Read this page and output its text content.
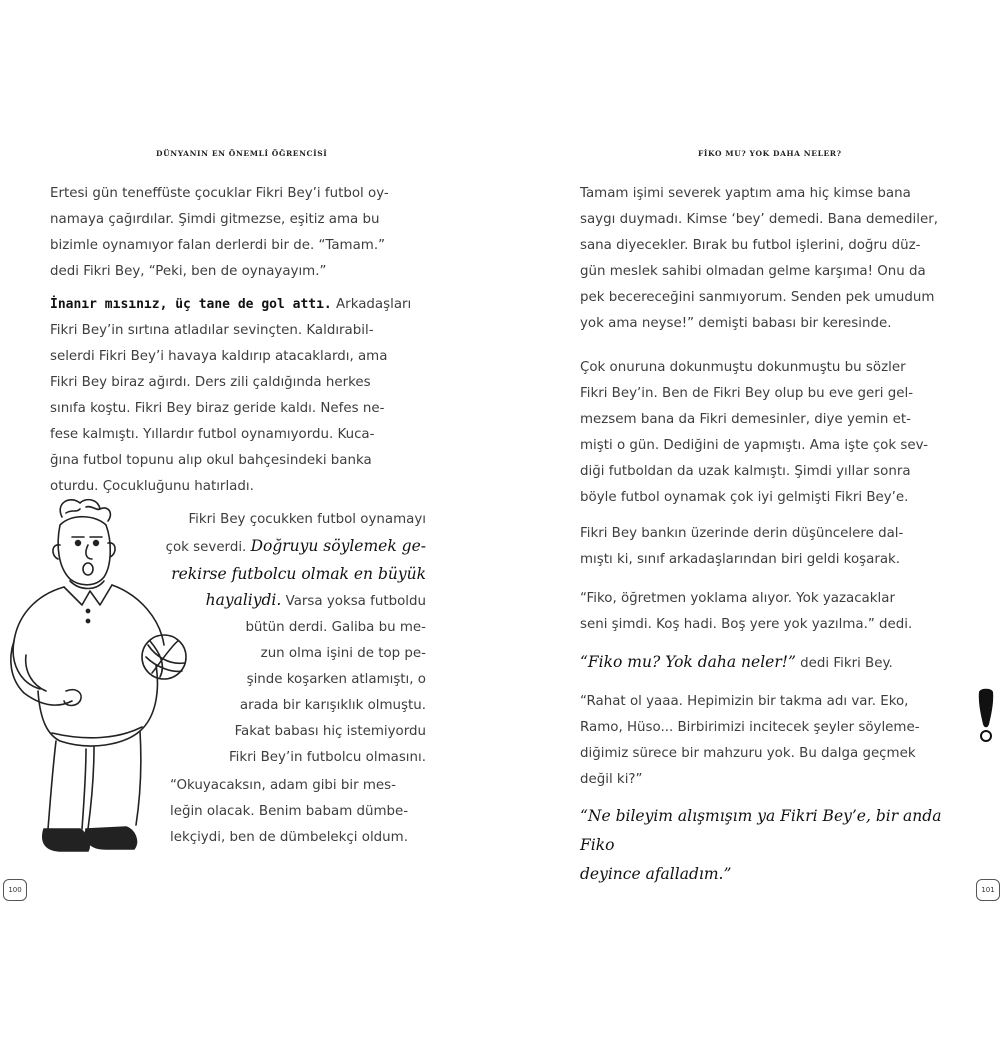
DÜNYANIN EN ÖNEMLİ ÖĞRENCİSİ

Ertesi gün teneffüste çocuklar Fikri Bey’i futbol oy-

namaya çağırdılar. Şimdi gitmezse, eşitiz ama bu

bizimle oynamıyor falan derlerdi bir de. “Tamam.”

dedi Fikri Bey, “Peki, ben de oynayayım.”

İnanır mısınız, üç tane de gol attı. Arkadaşları

Fikri Bey’in sırtına atladılar sevinçten. Kaldırabil-

selerdi Fikri Bey’i havaya kaldırıp atacaklardı, ama

Fikri Bey biraz ağırdı. Ders zili çaldığında herkes

sınıfa koştu. Fikri Bey biraz geride kaldı. Nefes ne-

fese kalmıştı. Yıllardır futbol oynamıyordu. Kuca-

ğına futbol topunu alıp okul bahçesindeki banka

oturdu. Çocukluğunu hatırladı.

Fikri Bey çocukken futbol oynamayı
çok severdi. Doğruyu söylemek ge-
rekirse futbolcu olmak en büyük
hayaliydi. Varsa yoksa futboldu
bütün derdi. Galiba bu me-
zun olma işini de top pe-
şinde koşarken atlamıştı, o
arada bir karışıklık olmuştu.
Fakat babası hiç istemiyordu
Fikri Bey’in futbolcu olmasını.

“Okuyacaksın, adam gibi bir mes-

leğin olacak. Benim babam dümbe-

lekçiydi, ben de dümbelekçi oldum.

100
FİKO MU? YOK DAHA NELER?

Tamam işimi severek yaptım ama hiç kimse bana

saygı duymadı. Kimse ‘bey’ demedi. Bana demediler,

sana diyecekler. Bırak bu futbol işlerini, doğru düz-

gün meslek sahibi olmadan gelme karşıma! Onu da

pek becereceğini sanmıyorum. Senden pek umudum

yok ama neyse!” demişti babası bir keresinde.

Çok onuruna dokunmuştu dokunmuştu bu sözler

Fikri Bey’in. Ben de Fikri Bey olup bu eve geri gel-

mezsem bana da Fikri demesinler, diye yemin et-

mişti o gün. Dediğini de yapmıştı. Ama işte çok sev-

diği futboldan da uzak kalmıştı. Şimdi yıllar sonra

böyle futbol oynamak çok iyi gelmişti Fikri Bey’e.

Fikri Bey bankın üzerinde derin düşüncelere dal-

mıştı ki, sınıf arkadaşlarından biri geldi koşarak.

“Fiko, öğretmen yoklama alıyor. Yok yazacaklar

seni şimdi. Koş hadi. Boş yere yok yazılma.” dedi.

“Fiko mu? Yok daha neler!” dedi Fikri Bey.

“Rahat ol yaaa. Hepimizin bir takma adı var. Eko,

Ramo, Hüso... Birbirimizi incitecek şeyler söyleme-

diğimiz sürece bir mahzuru yok. Bu dalga geçmek

değil ki?”

“Ne bileyim alışmışım ya Fikri Bey’e, bir anda Fiko

deyince afalladım.”

101
